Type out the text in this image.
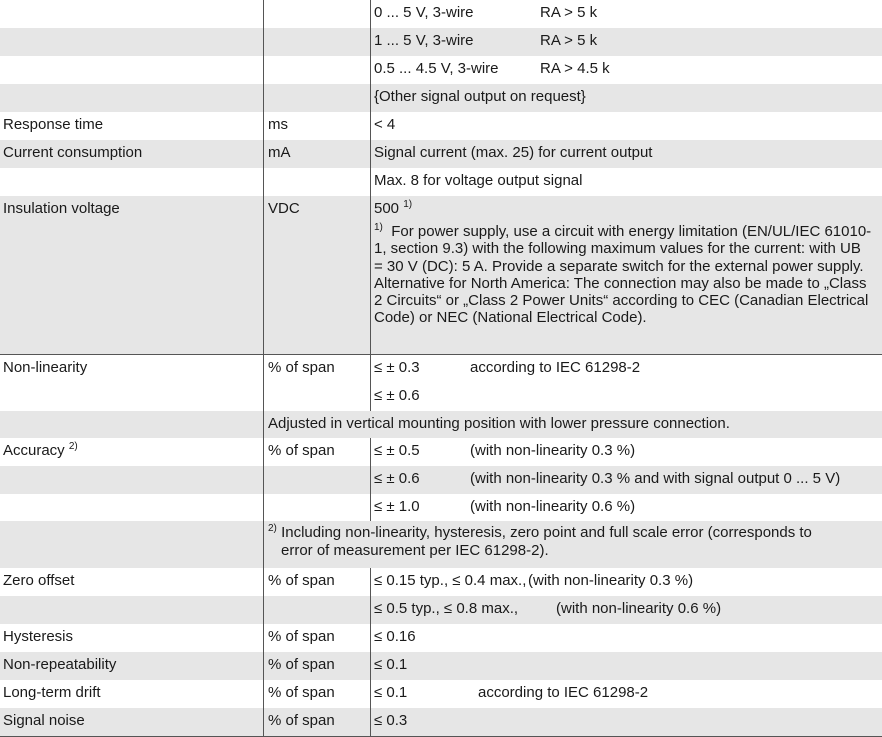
0 ... 5 V, 3-wire	RA > 5 k
1 ... 5 V, 3-wire	RA > 5 k
0.5 ... 4.5 V, 3-wire	RA > 4.5 k
{Other signal output on request}
Response time	ms	< 4
Current consumption	mA	Signal current (max. 25) for current output
Max. 8 for voltage output signal
Insulation voltage	VDC	500 $^{1)}$
$^{1)}$ For power supply, use a circuit with energy limitation (EN/UL/IEC 61010-1, section 9.3) with the following maximum values for the current: with UB = 30 V (DC): 5 A. Provide a separate switch for the external power supply. Alternative for North America: The connection may also be made to „Class 2 Circuits“ or „Class 2 Power Units“ according to CEC (Canadian Electrical Code) or NEC (National Electrical Code).
Non-linearity	% of span	≤ ± 0.3	according to IEC 61298-2
≤ ± 0.6
Adjusted in vertical mounting position with lower pressure connection.
Accuracy $^{2)}$	% of span	≤ ± 0.5	(with non-linearity 0.3 %)
≤ ± 0.6	(with non-linearity 0.3 % and with signal output 0 ... 5 V)
≤ ± 1.0	(with non-linearity 0.6 %)
$^{2)}$ Including non-linearity, hysteresis, zero point and full scale error (corresponds to
error of measurement per IEC 61298-2).
Zero offset	% of span	≤ 0.15 typ., ≤ 0.4 max., (with non-linearity 0.3 %)
≤ 0.5 typ., ≤ 0.8 max.,	(with non-linearity 0.6 %)
Hysteresis	% of span	≤ 0.16
Non-repeatability	% of span	≤ 0.1
Long-term drift	% of span	≤ 0.1	according to IEC 61298-2
Signal noise	% of span	≤ 0.3
